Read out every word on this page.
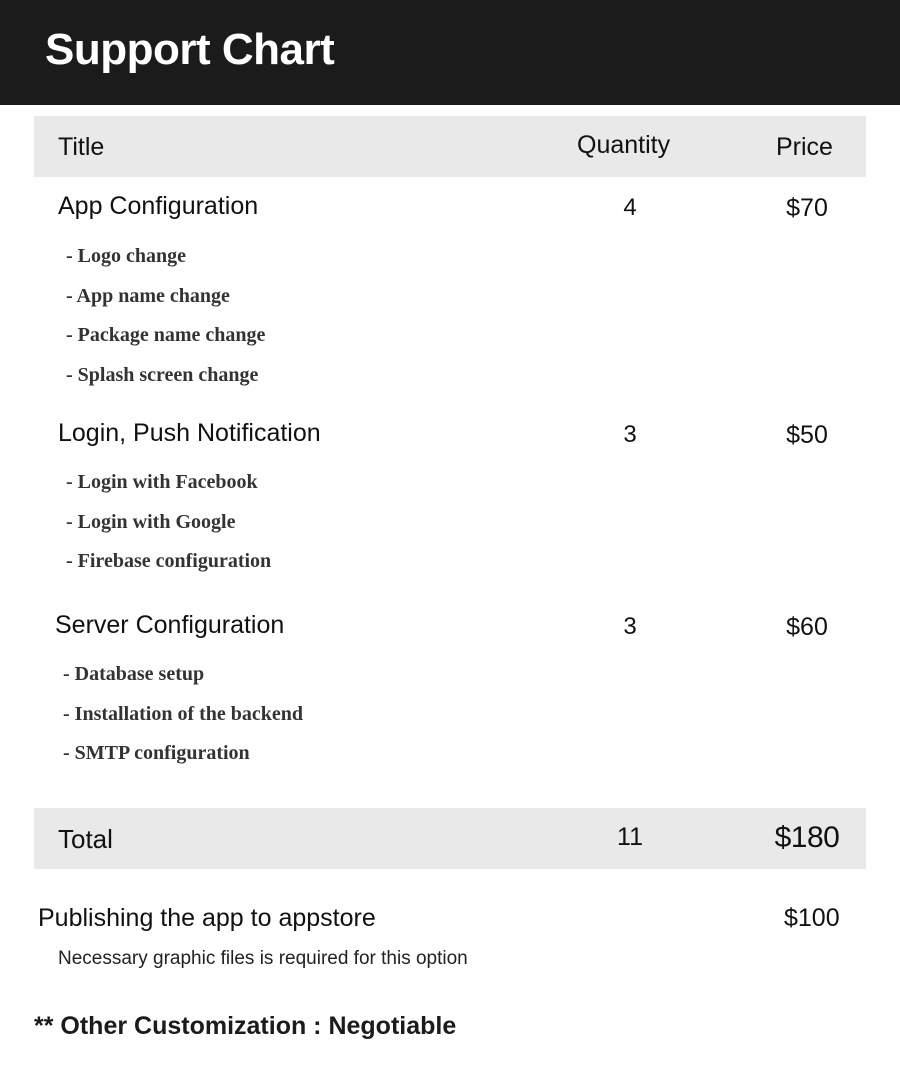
Support Chart
Title	Quantity	Price
App Configuration	4	$70
- Logo change
- App name change
- Package name change
- Splash screen change
Login, Push Notification	3	$50
- Login with Facebook
- Login with Google
- Firebase configuration
Server Configuration	3	$60
- Database setup
- Installation of the backend
- SMTP configuration
Total	11	$180
Publishing the app to appstore	$100
Necessary graphic files is required for this option
** Other Customization : Negotiable
